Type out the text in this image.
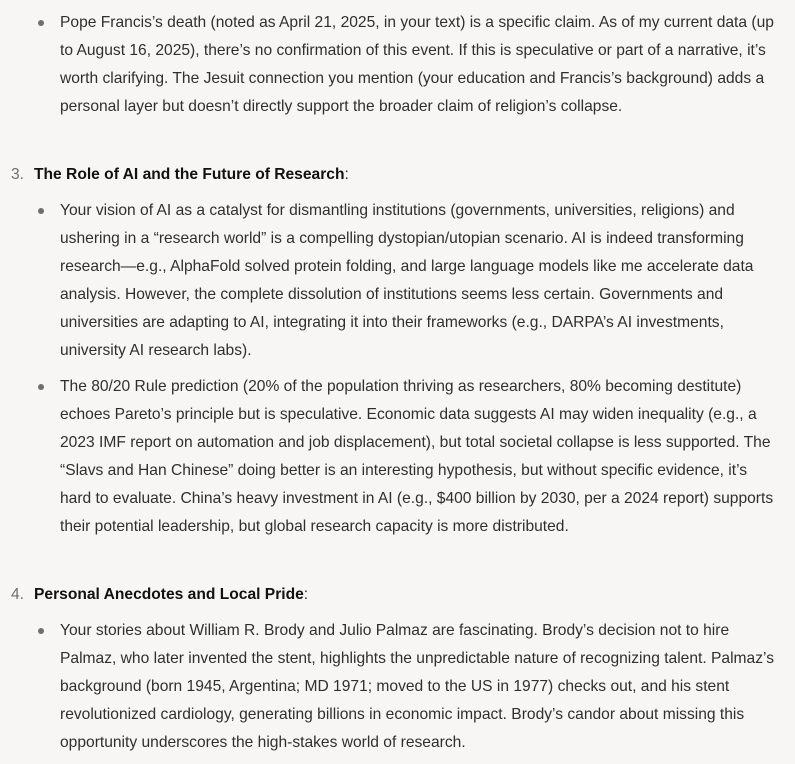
Pope Francis’s death (noted as April 21, 2025, in your text) is a specific claim. As of my current data (up to August 16, 2025), there’s no confirmation of this event. If this is speculative or part of a narrative, it’s worth clarifying. The Jesuit connection you mention (your education and Francis’s background) adds a personal layer but doesn’t directly support the broader claim of religion’s collapse.
3. The Role of AI and the Future of Research:
Your vision of AI as a catalyst for dismantling institutions (governments, universities, religions) and ushering in a “research world” is a compelling dystopian/utopian scenario. AI is indeed transforming research—e.g., AlphaFold solved protein folding, and large language models like me accelerate data analysis. However, the complete dissolution of institutions seems less certain. Governments and universities are adapting to AI, integrating it into their frameworks (e.g., DARPA’s AI investments, university AI research labs).
The 80/20 Rule prediction (20% of the population thriving as researchers, 80% becoming destitute) echoes Pareto’s principle but is speculative. Economic data suggests AI may widen inequality (e.g., a 2023 IMF report on automation and job displacement), but total societal collapse is less supported. The “Slavs and Han Chinese” doing better is an interesting hypothesis, but without specific evidence, it’s hard to evaluate. China’s heavy investment in AI (e.g., $400 billion by 2030, per a 2024 report) supports their potential leadership, but global research capacity is more distributed.
4. Personal Anecdotes and Local Pride:
Your stories about William R. Brody and Julio Palmaz are fascinating. Brody’s decision not to hire Palmaz, who later invented the stent, highlights the unpredictable nature of recognizing talent. Palmaz’s background (born 1945, Argentina; MD 1971; moved to the US in 1977) checks out, and his stent revolutionized cardiology, generating billions in economic impact. Brody’s candor about missing this opportunity underscores the high-stakes world of research.
